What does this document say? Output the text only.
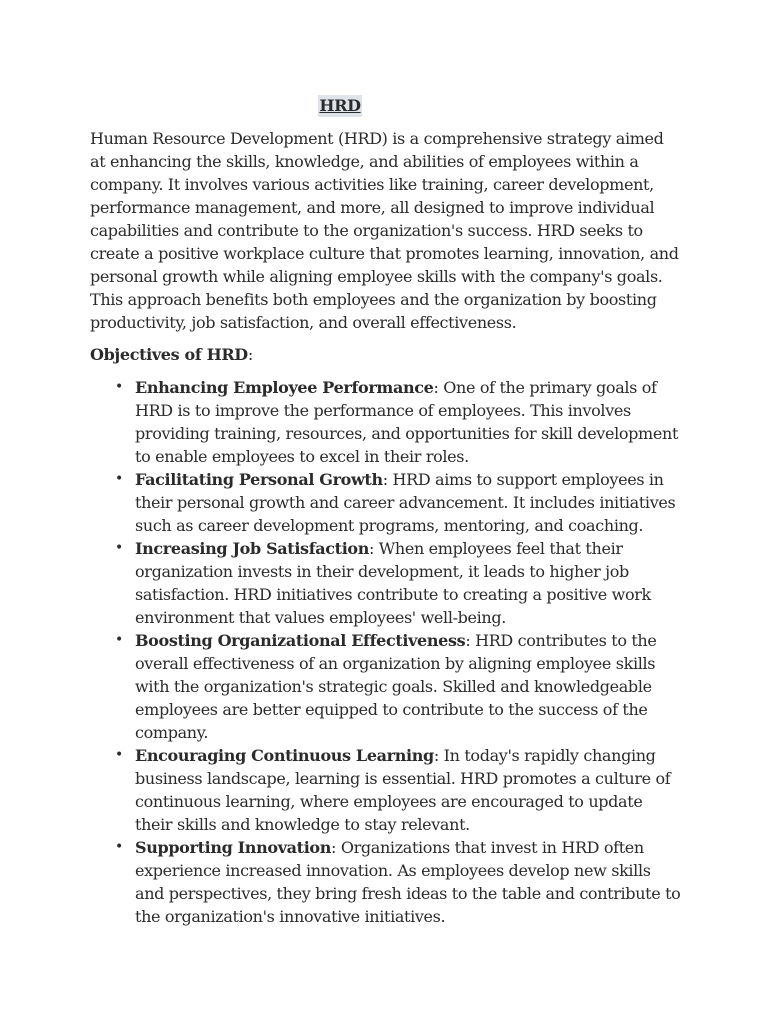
HRD

Human Resource Development (HRD) is a comprehensive strategy aimed at enhancing the skills, knowledge, and abilities of employees within a company. It involves various activities like training, career development, performance management, and more, all designed to improve individual capabilities and contribute to the organization's success. HRD seeks to create a positive workplace culture that promotes learning, innovation, and personal growth while aligning employee skills with the company's goals. This approach benefits both employees and the organization by boosting productivity, job satisfaction, and overall effectiveness.

Objectives of HRD:

• Enhancing Employee Performance: One of the primary goals of HRD is to improve the performance of employees. This involves providing training, resources, and opportunities for skill development to enable employees to excel in their roles.
• Facilitating Personal Growth: HRD aims to support employees in their personal growth and career advancement. It includes initiatives such as career development programs, mentoring, and coaching.
• Increasing Job Satisfaction: When employees feel that their organization invests in their development, it leads to higher job satisfaction. HRD initiatives contribute to creating a positive work environment that values employees' well-being.
• Boosting Organizational Effectiveness: HRD contributes to the overall effectiveness of an organization by aligning employee skills with the organization's strategic goals. Skilled and knowledgeable employees are better equipped to contribute to the success of the company.
• Encouraging Continuous Learning: In today's rapidly changing business landscape, learning is essential. HRD promotes a culture of continuous learning, where employees are encouraged to update their skills and knowledge to stay relevant.
• Supporting Innovation: Organizations that invest in HRD often experience increased innovation. As employees develop new skills and perspectives, they bring fresh ideas to the table and contribute to the organization's innovative initiatives.
